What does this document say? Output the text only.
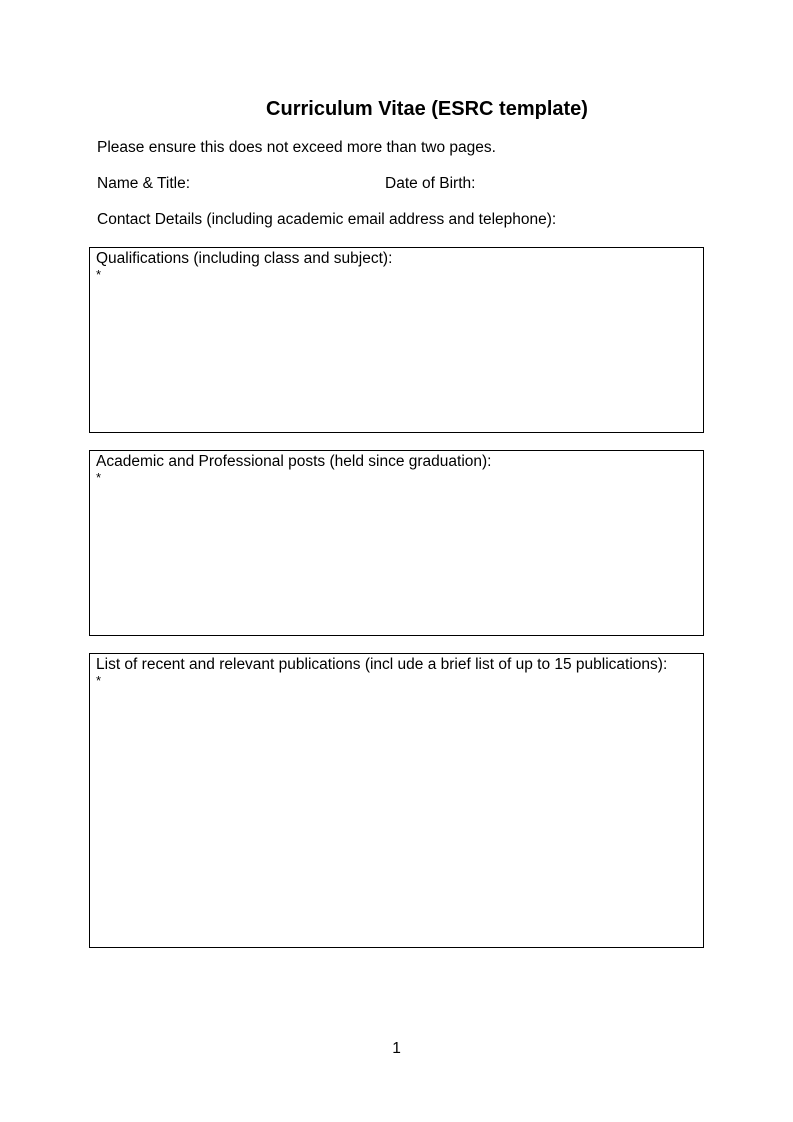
Curriculum Vitae (ESRC template)
Please ensure this does not exceed more than two pages.
Name & Title:	Date of Birth:
Contact Details (including academic email address and telephone):
Qualifications (including class and subject):
*
Academic and Professional posts (held since graduation):
*
List of recent and relevant publications (incl ude a brief list of up to 15 publications):
*
1
